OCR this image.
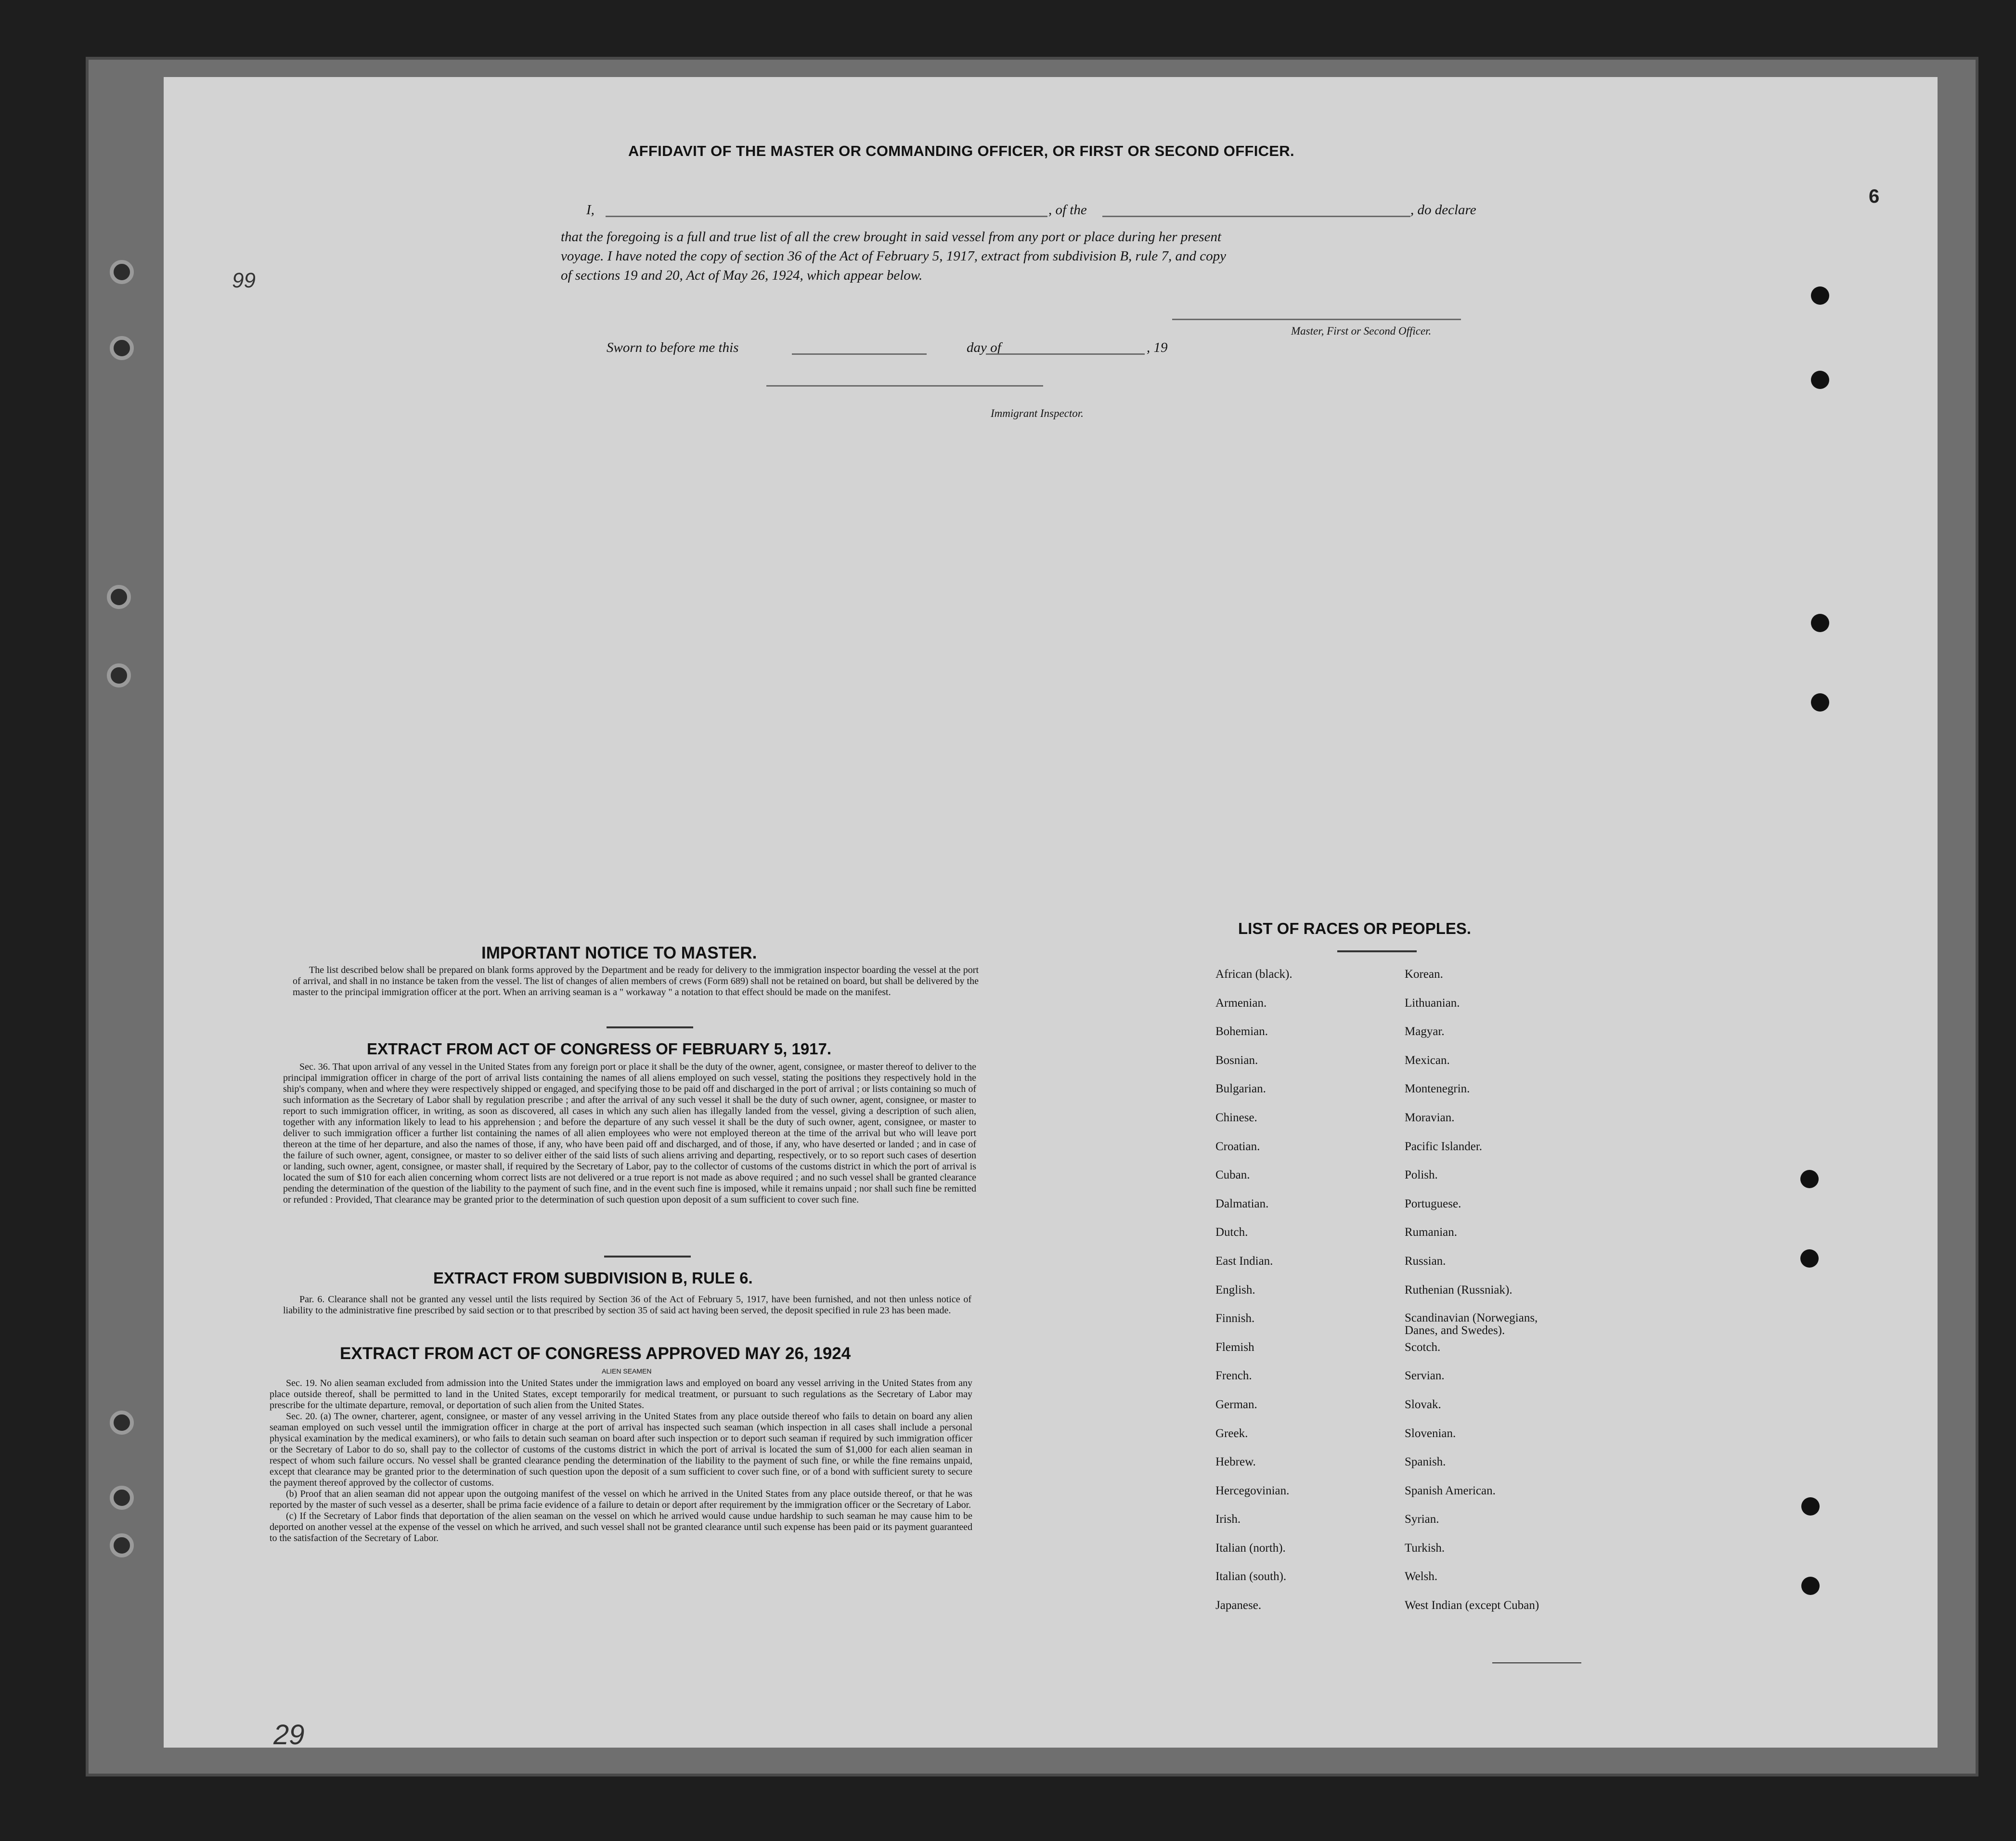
99
29
6
AFFIDAVIT OF THE MASTER OR COMMANDING OFFICER, OR FIRST OR SECOND OFFICER.
I,	, of the	, do declare
that the foregoing is a full and true list of all the crew brought in said vessel from any port or place during her present
voyage. I have noted the copy of section 36 of the Act of February 5, 1917, extract from subdivision B, rule 7, and copy
of sections 19 and 20, Act of May 26, 1924, which appear below.
Master, First or Second Officer.
Sworn to before me this	day of	, 19
Immigrant Inspector.
IMPORTANT NOTICE TO MASTER.

The list described below shall be prepared on blank forms approved by the Department and be ready for delivery to the immigration inspector boarding the vessel at the port of arrival, and shall in no instance be taken from the vessel. The list of changes of alien members of crews (Form 689) shall not be retained on board, but shall be delivered by the master to the principal immigration officer at the port. When an arriving seaman is a " workaway " a notation to that effect should be made on the manifest.

EXTRACT FROM ACT OF CONGRESS OF FEBRUARY 5, 1917.

Sec. 36. That upon arrival of any vessel in the United States from any foreign port or place it shall be the duty of the owner, agent, consignee, or master thereof to deliver to the principal immigration officer in charge of the port of arrival lists containing the names of all aliens employed on such vessel, stating the positions they respectively hold in the ship's company, when and where they were respectively shipped or engaged, and specifying those to be paid off and discharged in the port of arrival ; or lists containing so much of such information as the Secretary of Labor shall by regulation prescribe ; and after the arrival of any such vessel it shall be the duty of such owner, agent, consignee, or master to report to such immigration officer, in writing, as soon as discovered, all cases in which any such alien has illegally landed from the vessel, giving a description of such alien, together with any information likely to lead to his apprehension ; and before the departure of any such vessel it shall be the duty of such owner, agent, consignee, or master to deliver to such immigration officer a further list containing the names of all alien employees who were not employed thereon at the time of the arrival but who will leave port thereon at the time of her departure, and also the names of those, if any, who have been paid off and discharged, and of those, if any, who have deserted or landed ; and in case of the failure of such owner, agent, consignee, or master to so deliver either of the said lists of such aliens arriving and departing, respectively, or to so report such cases of desertion or landing, such owner, agent, consignee, or master shall, if required by the Secretary of Labor, pay to the collector of customs of the customs district in which the port of arrival is located the sum of $10 for each alien concerning whom correct lists are not delivered or a true report is not made as above required ; and no such vessel shall be granted clearance pending the determination of the question of the liability to the payment of such fine, and in the event such fine is imposed, while it remains unpaid ; nor shall such fine be remitted or refunded : Provided, That clearance may be granted prior to the determination of such question upon deposit of a sum sufficient to cover such fine.

EXTRACT FROM SUBDIVISION B, RULE 6.

Par. 6. Clearance shall not be granted any vessel until the lists required by Section 36 of the Act of February 5, 1917, have been furnished, and not then unless notice of liability to the administrative fine prescribed by said section or to that prescribed by section 35 of said act having been served, the deposit specified in rule 23 has been made.

EXTRACT FROM ACT OF CONGRESS APPROVED MAY 26, 1924
ALIEN SEAMEN

Sec. 19. No alien seaman excluded from admission into the United States under the immigration laws and employed on board any vessel arriving in the United States from any place outside thereof, shall be permitted to land in the United States, except temporarily for medical treatment, or pursuant to such regulations as the Secretary of Labor may prescribe for the ultimate departure, removal, or deportation of such alien from the United States.

Sec. 20. (a) The owner, charterer, agent, consignee, or master of any vessel arriving in the United States from any place outside thereof who fails to detain on board any alien seaman employed on such vessel until the immigration officer in charge at the port of arrival has inspected such seaman (which inspection in all cases shall include a personal physical examination by the medical examiners), or who fails to detain such seaman on board after such inspection or to deport such seaman if required by such immigration officer or the Secretary of Labor to do so, shall pay to the collector of customs of the customs district in which the port of arrival is located the sum of $1,000 for each alien seaman in respect of whom such failure occurs. No vessel shall be granted clearance pending the determination of the liability to the payment of such fine, or while the fine remains unpaid, except that clearance may be granted prior to the determination of such question upon the deposit of a sum sufficient to cover such fine, or of a bond with sufficient surety to secure the payment thereof approved by the collector of customs.

(b) Proof that an alien seaman did not appear upon the outgoing manifest of the vessel on which he arrived in the United States from any place outside thereof, or that he was reported by the master of such vessel as a deserter, shall be prima facie evidence of a failure to detain or deport after requirement by the immigration officer or the Secretary of Labor.

(c) If the Secretary of Labor finds that deportation of the alien seaman on the vessel on which he arrived would cause undue hardship to such seaman he may cause him to be deported on another vessel at the expense of the vessel on which he arrived, and such vessel shall not be granted clearance until such expense has been paid or its payment guaranteed to the satisfaction of the Secretary of Labor.

LIST OF RACES OR PEOPLES.
African (black).
Armenian.
Bohemian.
Bosnian.
Bulgarian.
Chinese.
Croatian.
Cuban.
Dalmatian.
Dutch.
East Indian.
English.
Finnish.
Flemish
French.
German.
Greek.
Hebrew.
Hercegovinian.
Irish.
Italian (north).
Italian (south).
Japanese.
Korean.
Lithuanian.
Magyar.
Mexican.
Montenegrin.
Moravian.
Pacific Islander.
Polish.
Portuguese.
Rumanian.
Russian.
Ruthenian (Russniak).
Scandinavian (Norwegians, Danes, and Swedes).
Scotch.
Servian.
Slovak.
Slovenian.
Spanish.
Spanish American.
Syrian.
Turkish.
Welsh.
West Indian (except Cuban)
